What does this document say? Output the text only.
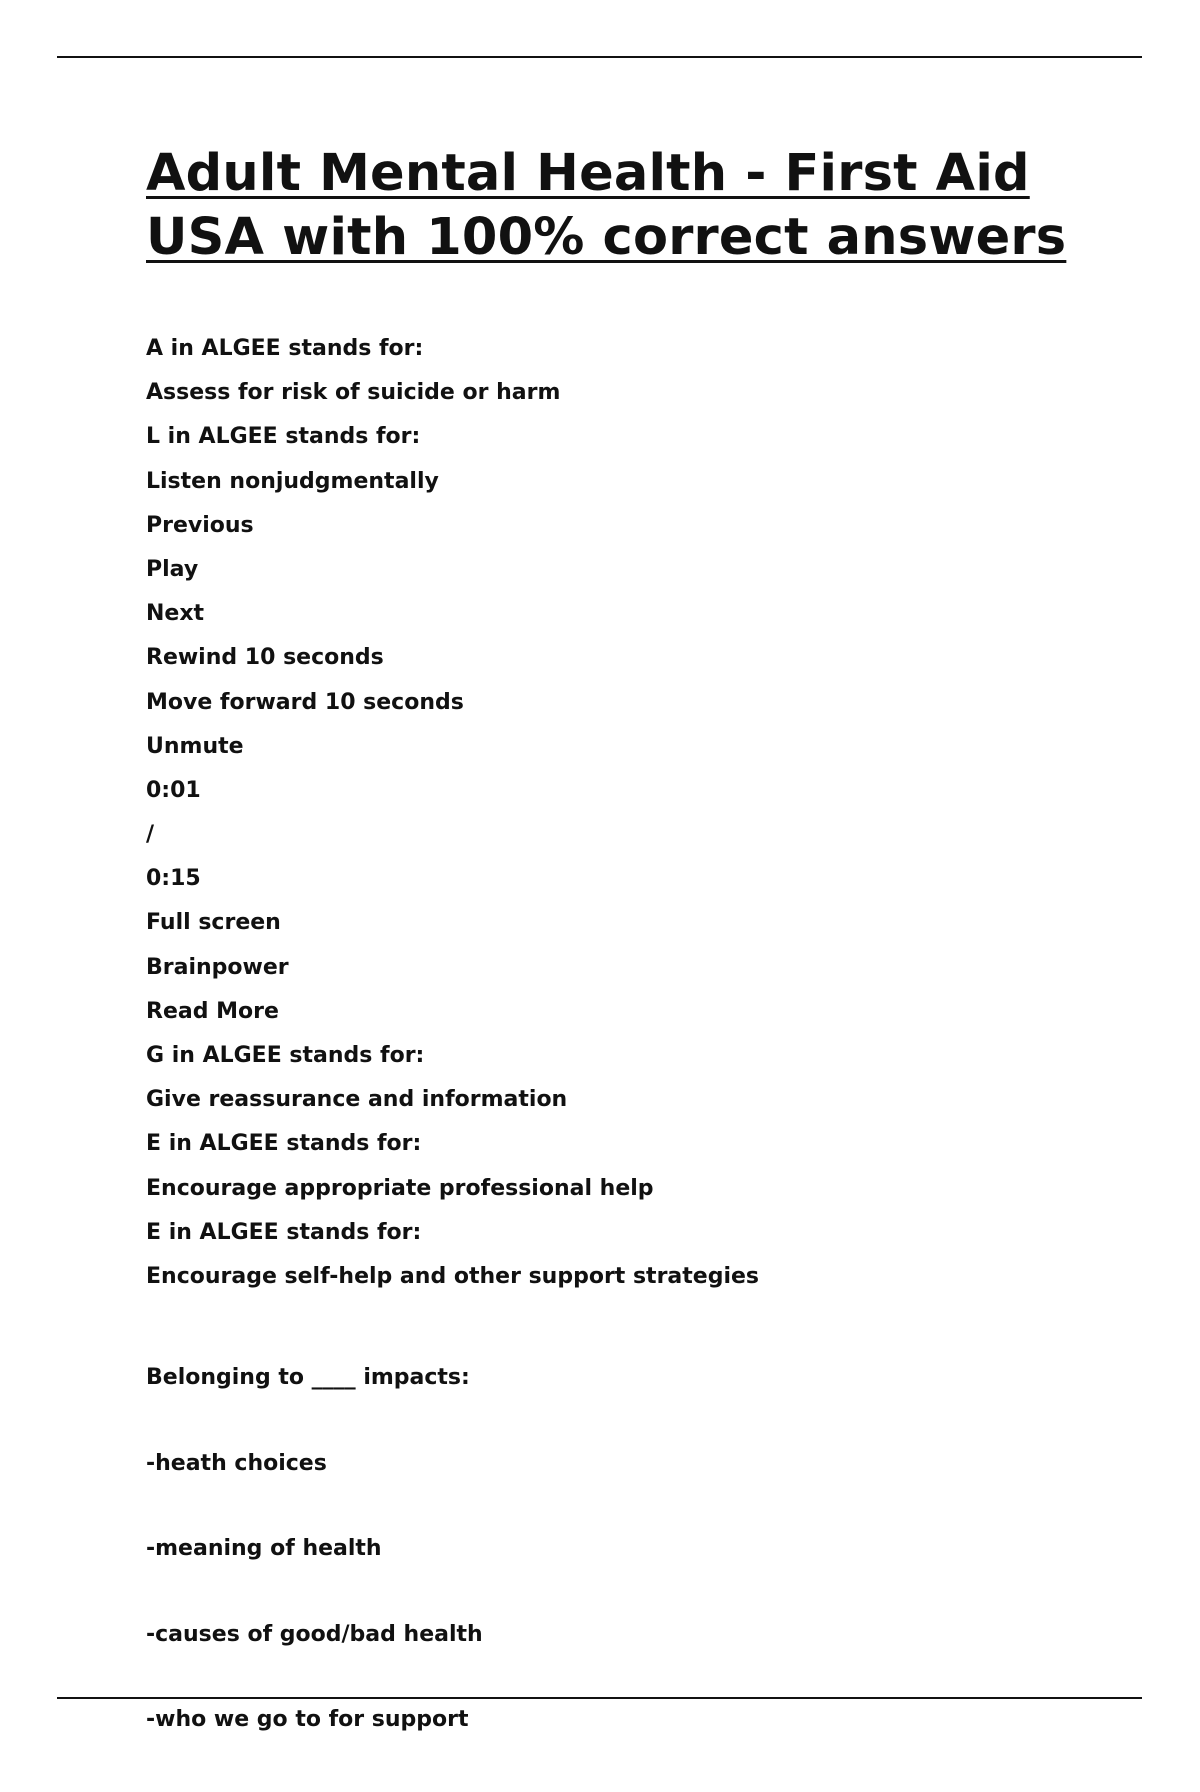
Adult Mental Health - First Aid
USA with 100% correct answers
A in ALGEE stands for:
Assess for risk of suicide or harm
L in ALGEE stands for:
Listen nonjudgmentally
Previous
Play
Next
Rewind 10 seconds
Move forward 10 seconds
Unmute
0:01
/
0:15
Full screen
Brainpower
Read More
G in ALGEE stands for:
Give reassurance and information
E in ALGEE stands for:
Encourage appropriate professional help
E in ALGEE stands for:
Encourage self-help and other support strategies

Belonging to ____ impacts:

-heath choices

-meaning of health

-causes of good/bad health

-who we go to for support
